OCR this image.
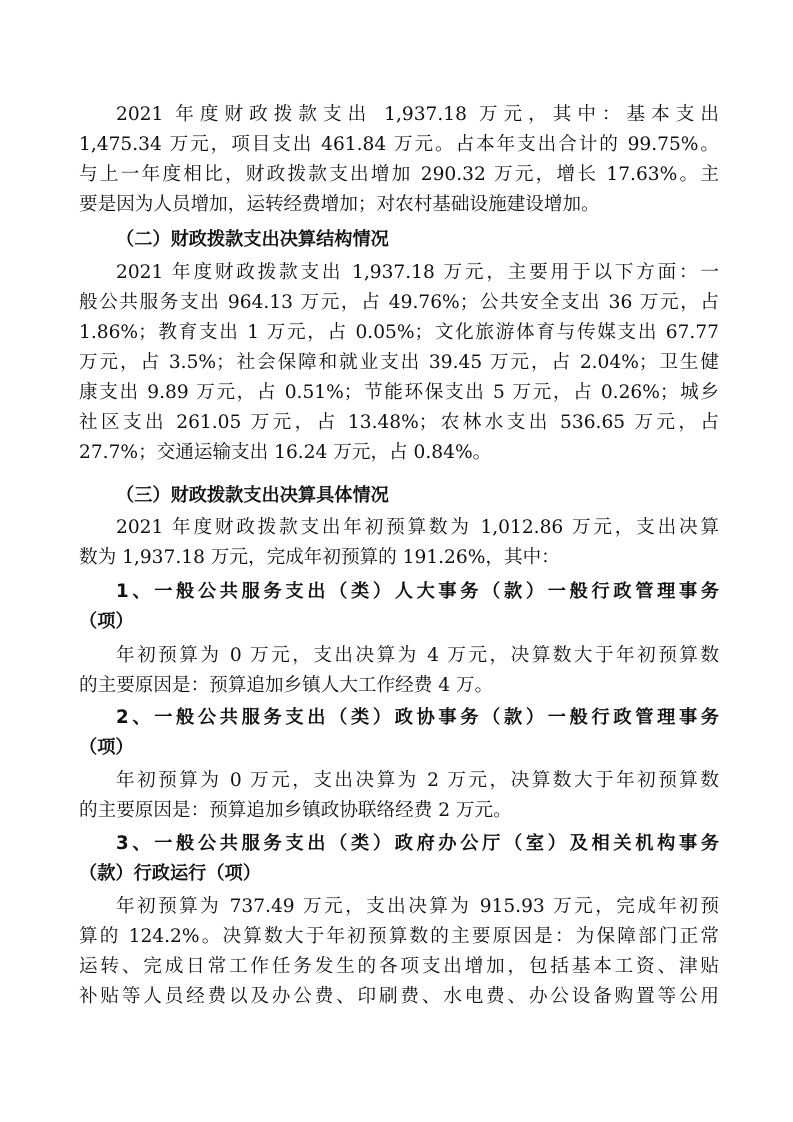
2021 年度财政拨款支出 1,937.18 万元，其中：基本支出
1,475.34 万元，项目支出 461.84 万元。占本年支出合计的 99.75%。
与上一年度相比，财政拨款支出增加 290.32 万元，增长 17.63%。主
要是因为人员增加，运转经费增加；对农村基础设施建设增加。
（二）财政拨款支出决算结构情况
2021 年度财政拨款支出 1,937.18 万元，主要用于以下方面：一
般公共服务支出 964.13 万元，占 49.76%；公共安全支出 36 万元，占
1.86%；教育支出 1 万元，占 0.05%；文化旅游体育与传媒支出 67.77
万元，占 3.5%；社会保障和就业支出 39.45 万元，占 2.04%；卫生健
康支出 9.89 万元，占 0.51%；节能环保支出 5 万元，占 0.26%；城乡
社区支出 261.05 万元，占 13.48%；农林水支出 536.65 万元，占
27.7%；交通运输支出 16.24 万元，占 0.84%。
（三）财政拨款支出决算具体情况
2021 年度财政拨款支出年初预算数为 1,012.86 万元，支出决算
数为 1,937.18 万元，完成年初预算的 191.26%，其中：
1、一般公共服务支出（类）人大事务（款）一般行政管理事务
（项）
年初预算为 0 万元，支出决算为 4 万元，决算数大于年初预算数
的主要原因是：预算追加乡镇人大工作经费 4 万。
2、一般公共服务支出（类）政协事务（款）一般行政管理事务
（项）
年初预算为 0 万元，支出决算为 2 万元，决算数大于年初预算数
的主要原因是：预算追加乡镇政协联络经费 2 万元。
3、一般公共服务支出（类）政府办公厅（室）及相关机构事务
（款）行政运行（项）
年初预算为 737.49 万元，支出决算为 915.93 万元，完成年初预
算的 124.2%。决算数大于年初预算数的主要原因是：为保障部门正常
运转、完成日常工作任务发生的各项支出增加，包括基本工资、津贴
补贴等人员经费以及办公费、印刷费、水电费、办公设备购置等公用
